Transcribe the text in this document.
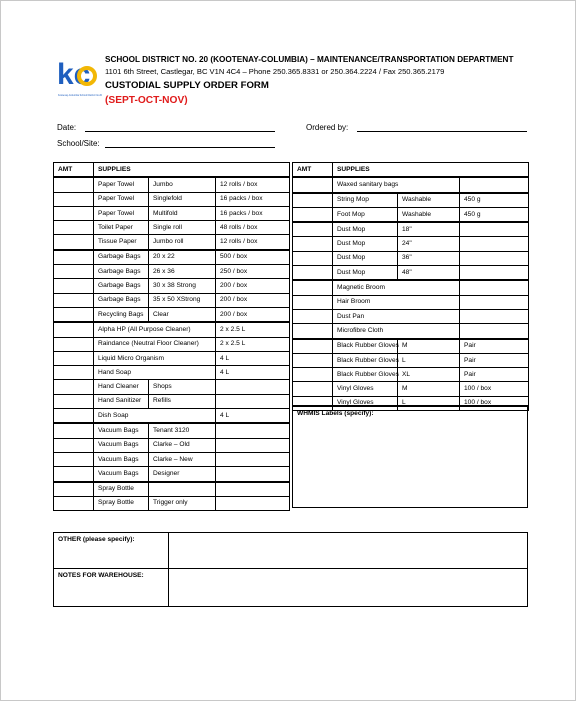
kc
Kootenay-Columbia School District No.20
SCHOOL DISTRICT NO. 20 (KOOTENAY-COLUMBIA) – MAINTENANCE/TRANSPORTATION DEPARTMENT
1101 6th Street, Castlegar, BC V1N 4C4 – Phone 250.365.8331 or 250.364.2224 / Fax 250.365.2179
CUSTODIAL SUPPLY ORDER FORM
(SEPT-OCT-NOV)
Date:	Ordered by:
School/Site:
AMT	SUPPLIES		
	Paper Towel	Jumbo	12 rolls / box
	Paper Towel	Singlefold	16 packs / box
	Paper Towel	Multifold	16 packs / box
	Toilet Paper	Single roll	48 rolls / box
	Tissue Paper	Jumbo roll	12 rolls / box
	Garbage Bags	20 x 22	500 / box
	Garbage Bags	26 x 36	250 / box
	Garbage Bags	30 x 38 Strong	200 / box
	Garbage Bags	35 x 50 XStrong	200 / box
	Recycling Bags	Clear	200 / box
	Alpha HP (All Purpose Cleaner)		2 x 2.5 L
	Raindance (Neutral Floor Cleaner)		2 x 2.5 L
	Liquid Micro Organism		4 L
	Hand Soap		4 L
	Hand Cleaner	Shops	
	Hand Sanitizer	Refills	
	Dish Soap		4 L
	Vacuum Bags	Tenant 3120	
	Vacuum Bags	Clarke – Old	
	Vacuum Bags	Clarke – New	
	Vacuum Bags	Designer	
	Spray Bottle		
	Spray Bottle	Trigger only	
AMT	SUPPLIES		
	Waxed sanitary bags		
	String Mop	Washable	450 g
	Foot Mop	Washable	450 g
	Dust Mop	18"	
	Dust Mop	24"	
	Dust Mop	36"	
	Dust Mop	48"	
	Magnetic Broom		
	Hair Broom		
	Dust Pan		
	Microfibre Cloth		
	Black Rubber Gloves	M	Pair
	Black Rubber Gloves	L	Pair
	Black Rubber Gloves	XL	Pair
	Vinyl Gloves	M	100 / box
	Vinyl Gloves	L	100 / box
WHMIS Labels (specify):
OTHER (please specify):
NOTES FOR WAREHOUSE:
